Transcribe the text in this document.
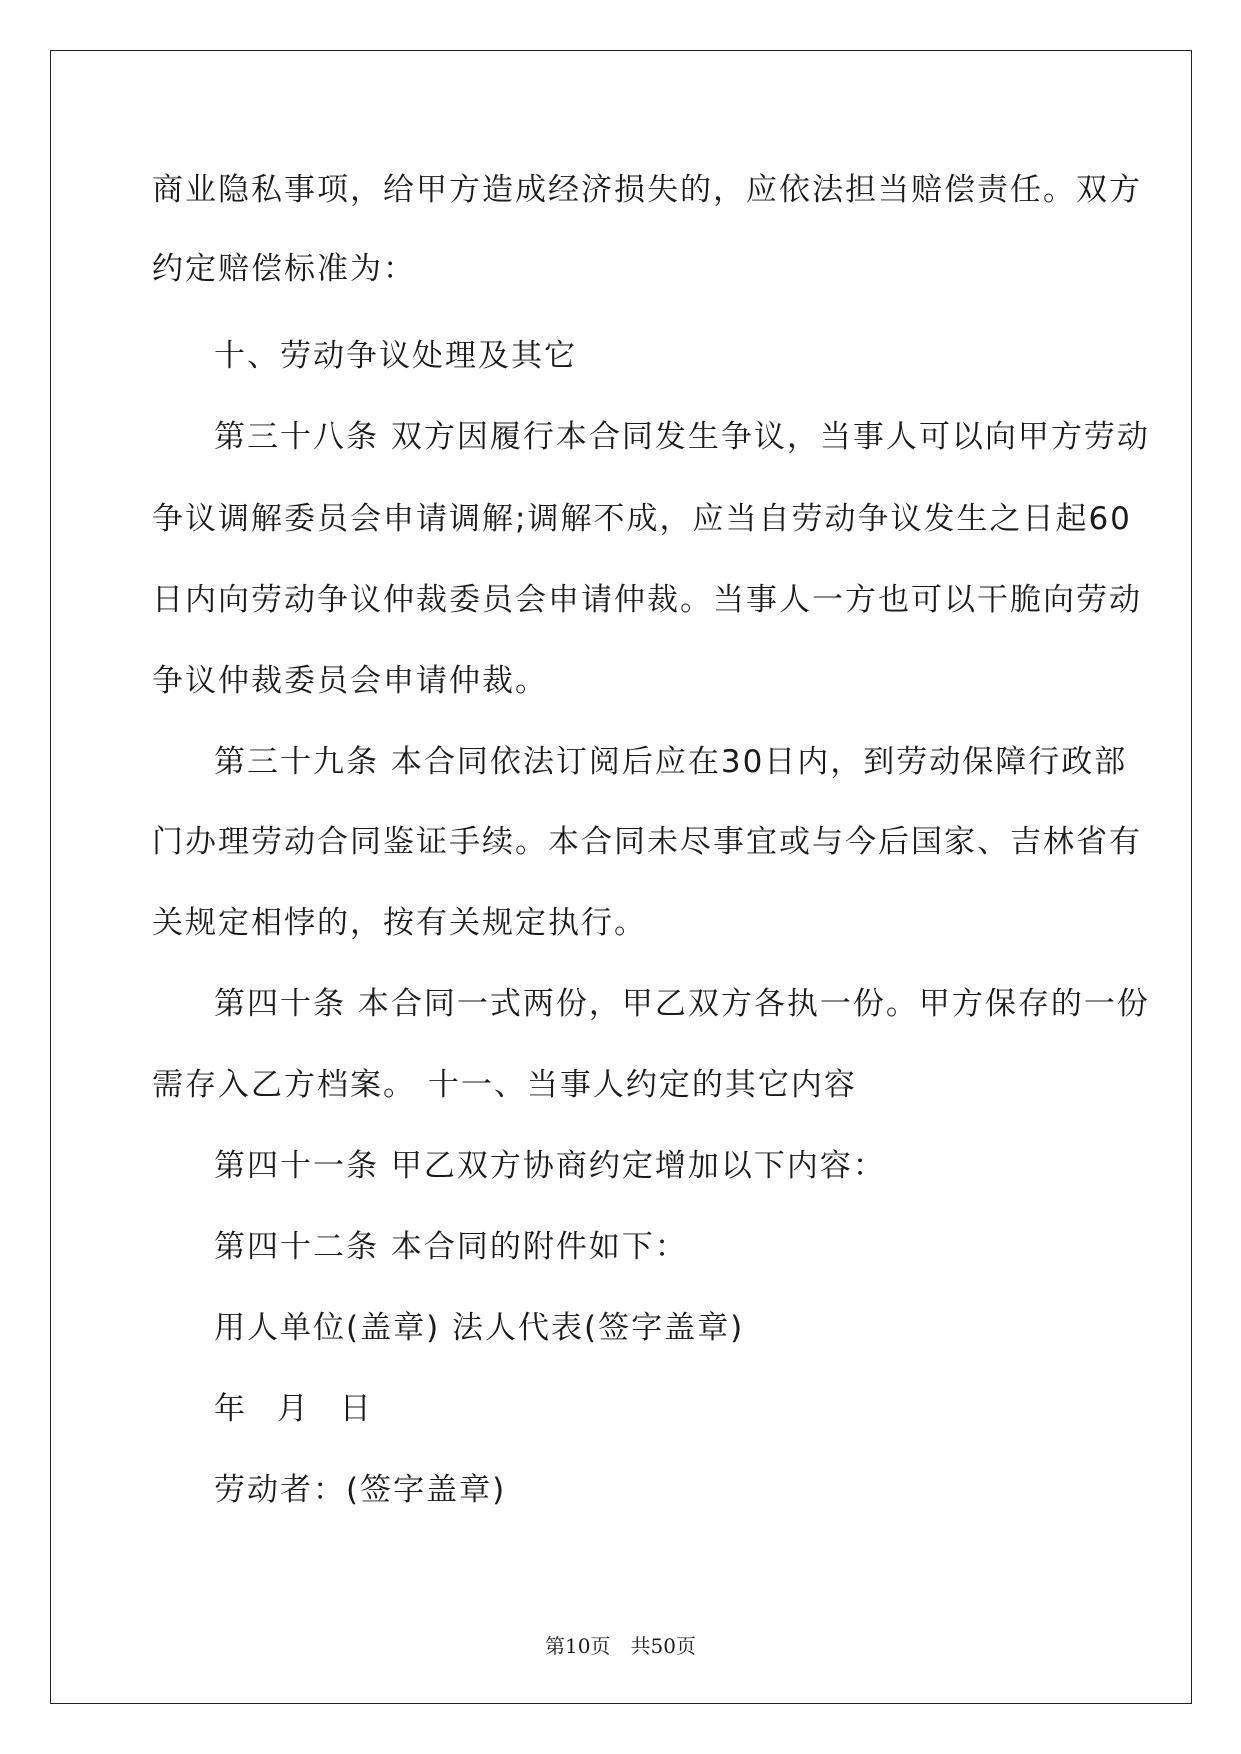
商业隐私事项，给甲方造成经济损失的，应依法担当赔偿责任。双方
约定赔偿标准为：
十、劳动争议处理及其它
第三十八条 双方因履行本合同发生争议，当事人可以向甲方劳动
争议调解委员会申请调解;调解不成，应当自劳动争议发生之日起60
日内向劳动争议仲裁委员会申请仲裁。当事人一方也可以干脆向劳动
争议仲裁委员会申请仲裁。
第三十九条 本合同依法订阅后应在30日内，到劳动保障行政部
门办理劳动合同鉴证手续。本合同未尽事宜或与今后国家、吉林省有
关规定相悖的，按有关规定执行。
第四十条 本合同一式两份，甲乙双方各执一份。甲方保存的一份
需存入乙方档案。 十一、当事人约定的其它内容
第四十一条 甲乙双方协商约定增加以下内容：
第四十二条 本合同的附件如下：
用人单位(盖章) 法人代表(签字盖章)
年 月 日
劳动者：(签字盖章)
第10页　共50页
